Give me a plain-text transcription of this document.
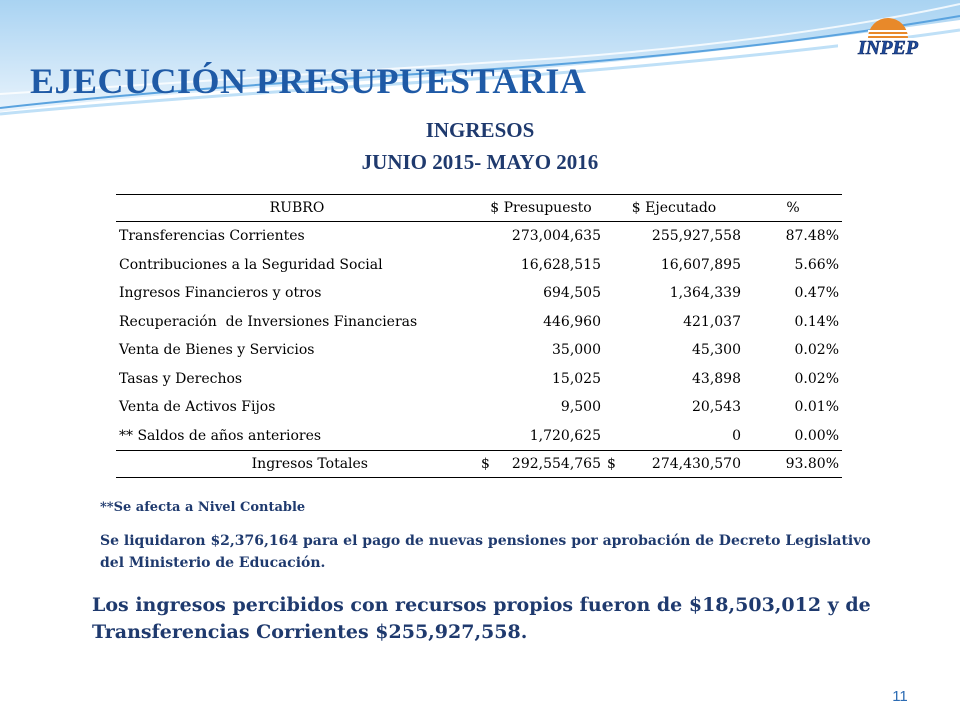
INPEP
EJECUCIÓN PRESUPUESTARIA
INGRESOS
JUNIO 2015- MAYO 2016
RUBRO	$ Presupuesto	$ Ejecutado	%
Transferencias Corrientes	273,004,635	255,927,558	87.48%
Contribuciones a la Seguridad Social	16,628,515	16,607,895	5.66%
Ingresos Financieros y otros	694,505	1,364,339	0.47%
Recuperación  de Inversiones Financieras	446,960	421,037	0.14%
Venta de Bienes y Servicios	35,000	45,300	0.02%
Tasas y Derechos	15,025	43,898	0.02%
Venta de Activos Fijos	9,500	20,543	0.01%
** Saldos de años anteriores	1,720,625	0	0.00%
Ingresos Totales	$ 292,554,765	$ 274,430,570	93.80%

**Se afecta a Nivel Contable

Se liquidaron $2,376,164 para el pago de nuevas pensiones por aprobación de Decreto Legislativo del Ministerio de Educación.

Los ingresos percibidos con recursos propios fueron de $18,503,012 y de Transferencias Corrientes $255,927,558.

11
